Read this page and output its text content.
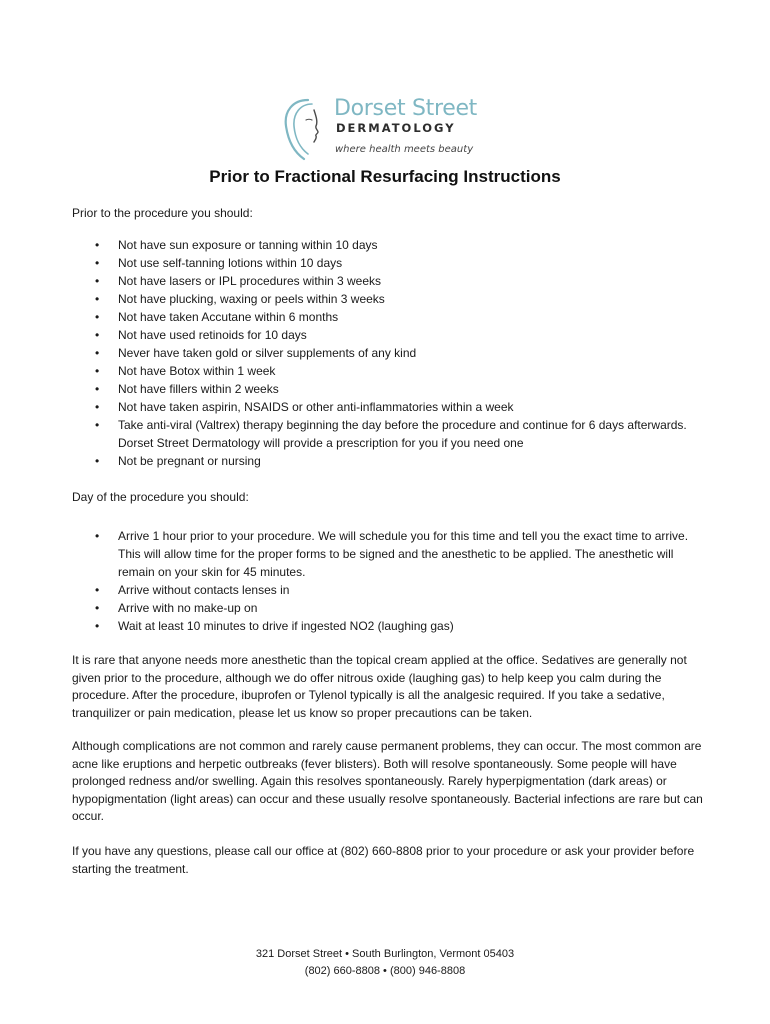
Dorset Street
DERMATOLOGY
where health meets beauty
Prior to Fractional Resurfacing Instructions

Prior to the procedure you should:

• Not have sun exposure or tanning within 10 days
• Not use self-tanning lotions within 10 days
• Not have lasers or IPL procedures within 3 weeks
• Not have plucking, waxing or peels within 3 weeks
• Not have taken Accutane within 6 months
• Not have used retinoids for 10 days
• Never have taken gold or silver supplements of any kind
• Not have Botox within 1 week
• Not have fillers within 2 weeks
• Not have taken aspirin, NSAIDS or other anti-inflammatories within a week
• Take anti-viral (Valtrex) therapy beginning the day before the procedure and continue for 6 days afterwards. Dorset Street Dermatology will provide a prescription for you if you need one
• Not be pregnant or nursing

Day of the procedure you should:

• Arrive 1 hour prior to your procedure. We will schedule you for this time and tell you the exact time to arrive. This will allow time for the proper forms to be signed and the anesthetic to be applied. The anesthetic will remain on your skin for 45 minutes.
• Arrive without contacts lenses in
• Arrive with no make-up on
• Wait at least 10 minutes to drive if ingested NO2 (laughing gas)

It is rare that anyone needs more anesthetic than the topical cream applied at the office. Sedatives are generally not given prior to the procedure, although we do offer nitrous oxide (laughing gas) to help keep you calm during the procedure. After the procedure, ibuprofen or Tylenol typically is all the analgesic required. If you take a sedative, tranquilizer or pain medication, please let us know so proper precautions can be taken.

Although complications are not common and rarely cause permanent problems, they can occur. The most common are acne like eruptions and herpetic outbreaks (fever blisters). Both will resolve spontaneously. Some people will have prolonged redness and/or swelling. Again this resolves spontaneously. Rarely hyperpigmentation (dark areas) or hypopigmentation (light areas) can occur and these usually resolve spontaneously. Bacterial infections are rare but can occur.

If you have any questions, please call our office at (802) 660-8808 prior to your procedure or ask your provider before starting the treatment.

321 Dorset Street • South Burlington, Vermont 05403
(802) 660-8808 • (800) 946-8808
